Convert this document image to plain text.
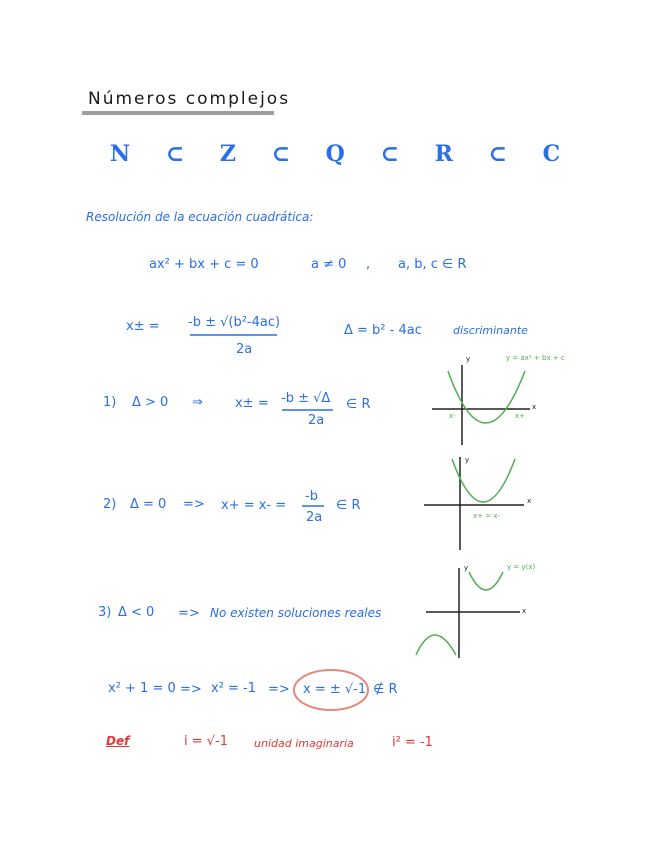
Números complejos
N ⊂ Z ⊂ Q ⊂ R ⊂ C
Resolución de la ecuación cuadrática:
ax² + bx + c = 0	a ≠ 0 , a, b, c ∈ R
x± = -b ± √(b²-4ac)
2a
Δ = b² - 4ac	discriminante
1) Δ > 0 ⇒ x± = -b ± √Δ
2a
∈ R
2) Δ = 0 => x+ = x- =
-b
2a
∈ R
3) Δ < 0 => No existen soluciones reales
x² + 1 = 0 => x² = -1 => x = ± √-1 ∉ R
Def	i = √-1 unidad imaginaria	i² = -1
y
x
y = ax² + bx + c
x-	x+
y
x
x+ = x-
y
x
y = y(x)
